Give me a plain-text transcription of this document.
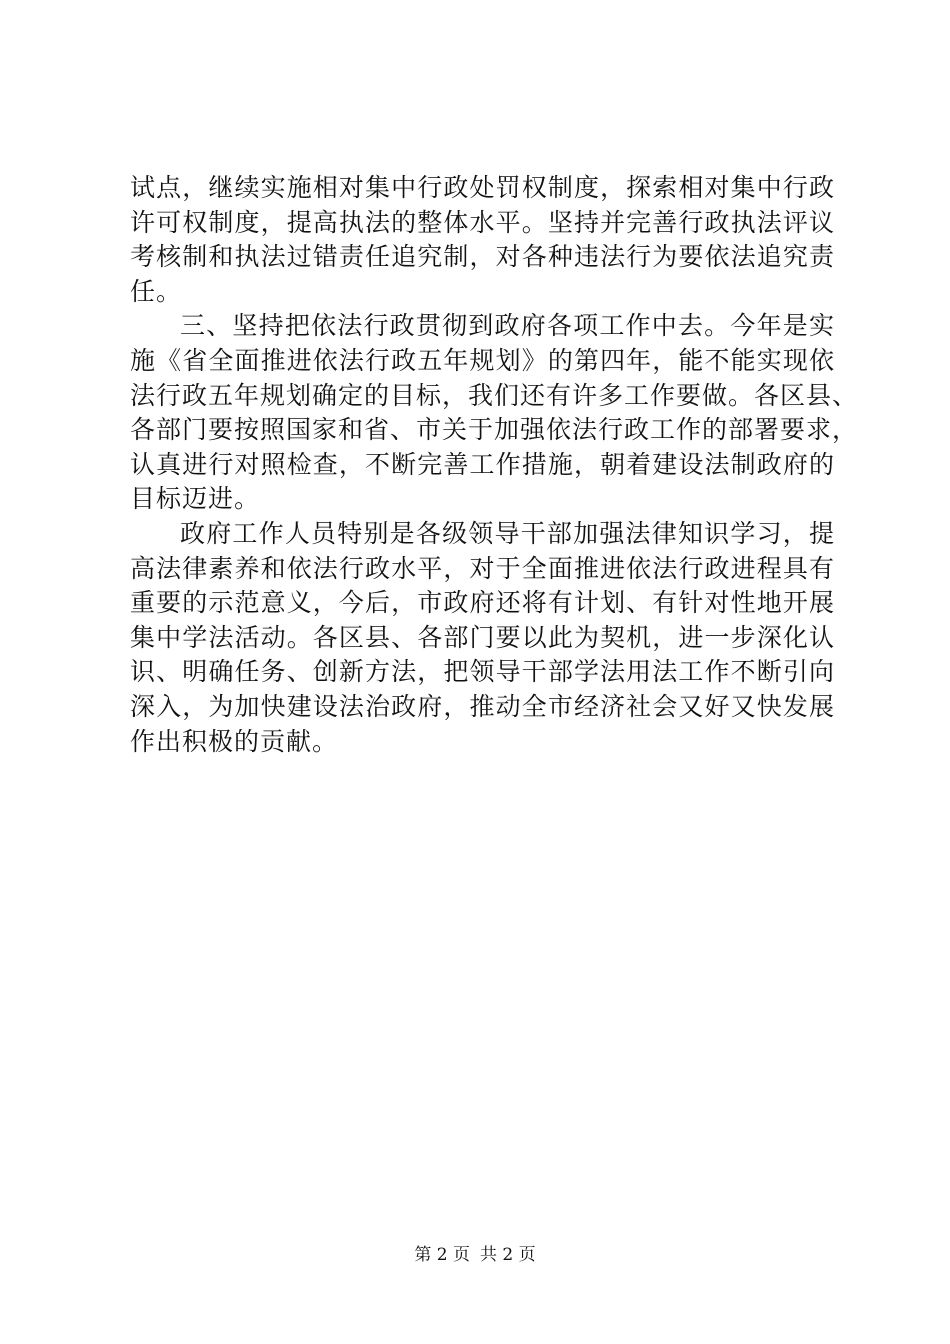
试点，继续实施相对集中行政处罚权制度，探索相对集中行政
许可权制度，提高执法的整体水平。坚持并完善行政执法评议
考核制和执法过错责任追究制，对各种违法行为要依法追究责
任。
三、坚持把依法行政贯彻到政府各项工作中去。今年是实
施《省全面推进依法行政五年规划》的第四年，能不能实现依
法行政五年规划确定的目标，我们还有许多工作要做。各区县、
各部门要按照国家和省、市关于加强依法行政工作的部署要求，
认真进行对照检查，不断完善工作措施，朝着建设法制政府的
目标迈进。
政府工作人员特别是各级领导干部加强法律知识学习，提
高法律素养和依法行政水平，对于全面推进依法行政进程具有
重要的示范意义，今后，市政府还将有计划、有针对性地开展
集中学法活动。各区县、各部门要以此为契机，进一步深化认
识、明确任务、创新方法，把领导干部学法用法工作不断引向
深入，为加快建设法治政府，推动全市经济社会又好又快发展
作出积极的贡献。
第 2 页 共 2 页
